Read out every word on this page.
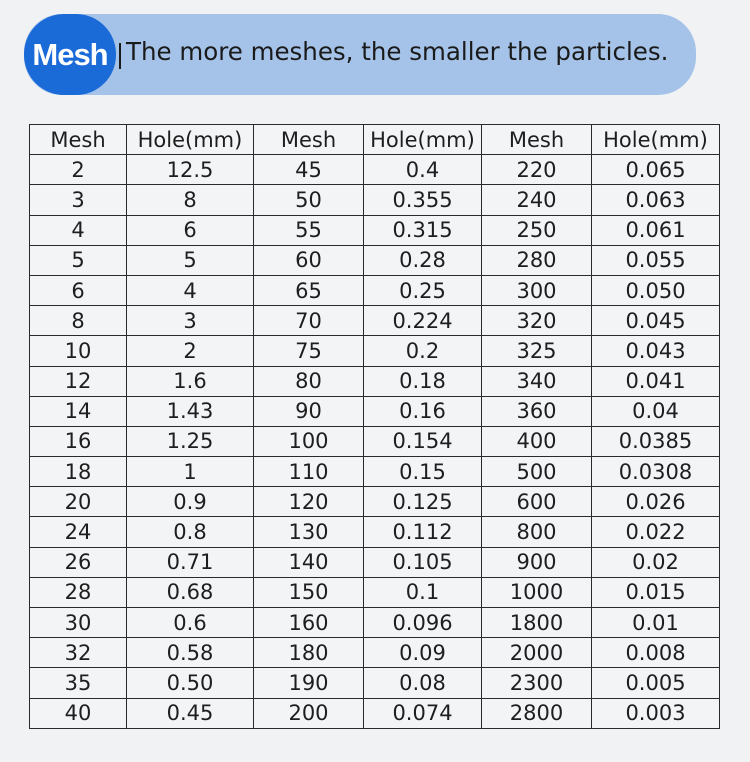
Mesh The more meshes, the smaller the particles.
Mesh	Hole(mm)	Mesh	Hole(mm)	Mesh	Hole(mm)
2	12.5	45	0.4	220	0.065
3	8	50	0.355	240	0.063
4	6	55	0.315	250	0.061
5	5	60	0.28	280	0.055
6	4	65	0.25	300	0.050
8	3	70	0.224	320	0.045
10	2	75	0.2	325	0.043
12	1.6	80	0.18	340	0.041
14	1.43	90	0.16	360	0.04
16	1.25	100	0.154	400	0.0385
18	1	110	0.15	500	0.0308
20	0.9	120	0.125	600	0.026
24	0.8	130	0.112	800	0.022
26	0.71	140	0.105	900	0.02
28	0.68	150	0.1	1000	0.015
30	0.6	160	0.096	1800	0.01
32	0.58	180	0.09	2000	0.008
35	0.50	190	0.08	2300	0.005
40	0.45	200	0.074	2800	0.003
